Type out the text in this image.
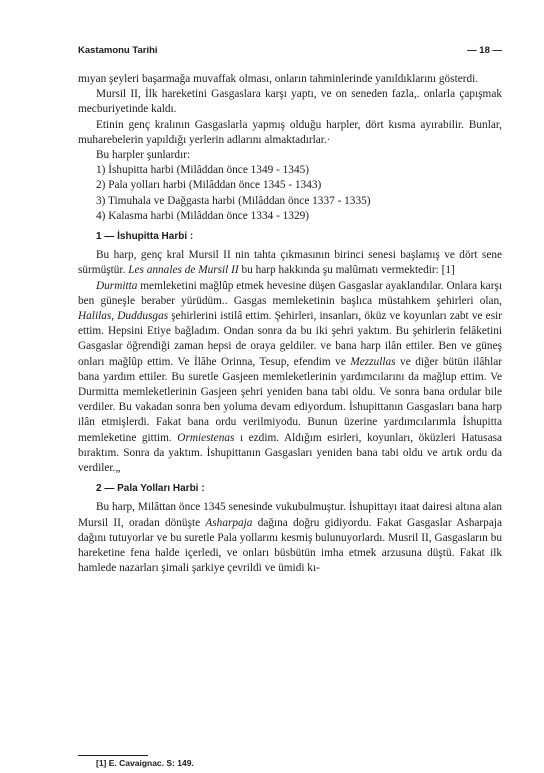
Kastamonu Tarihi	— 18 —

mıyan şeyleri başarmağa muvaffak olması, onların tahminlerinde yanıldıklarını gösterdi.

Mursil II, İlk hareketini Gasgaslara karşı yaptı, ve on seneden fazla,. onlarla çapışmak mecburiyetinde kaldı.

Etinin genç kralının Gasgaslarla yapmış olduğu harpler, dört kısma ayırabilir. Bunlar, muharebelerin yapıldığı yerlerin adlarını almaktadırlar.·

Bu harpler şunlardır:

1) İshupitta harbi (Milâddan önce 1349 - 1345)

2) Pala yolları harbi (Milâddan önce 1345 - 1343)

3) Timuhala ve Dağgasta harbi (Milâddan önce 1337 - 1335)

4) Kalasma harbi (Milâddan önce 1334 - 1329)

1 — İshupitta Harbi :

Bu harp, genç kral Mursil II nin tahta çıkmasının birinci senesi başlamış ve dört sene sürmüştür. Les annales de Mursil II bu harp hakkında şu malûmatı vermektedir: [1]

Durmitta memleketini mağlûp etmek hevesine düşen Gasgaslar ayaklandılar. Onlara karşı ben güneşle beraber yürüdüm.. Gasgas memleketinin başlıca müstahkem şehirleri olan, Halilas, Duddusgas şehirlerini istilâ ettim. Şehirleri, insanları, öküz ve koyunları zabt ve esir ettim. Hepsini Etiye bağladım. Ondan sonra da bu iki şehri yaktım. Bu şehirlerin felâketini Gasgaslar öğrendiği zaman hepsi de oraya geldiler. ve bana harp ilân ettiler. Ben ve güneş onları mağlûp ettim. Ve İlâhe Orinna, Tesup, efendim ve Mezzullas ve diğer bütün ilâhlar bana yardım ettiler. Bu suretle Gasjeen memleketlerinin yardımcılarını da mağlup ettim. Ve Durmitta memleketlerinin Gasjeen şehri yeniden bana tabi oldu. Ve sonra bana ordular bile verdiler. Bu vakadan sonra ben yoluma devam ediyordum. İshupittanın Gasgasları bana harp ilân etmişlerdi. Fakat bana ordu verilmiyodu. Bunun üzerine yardımcılarımla İshupitta memleketine gittim. Ormiestenas ı ezdim. Aldığım esirleri, koyunları, öküzleri Hatusasa bıraktım. Sonra da yaktım. İshupittanın Gasgasları yeniden bana tabi oldu ve artık ordu da verdiler.„

2 — Pala Yolları Harbi :

Bu harp, Milâttan önce 1345 senesinde vukubulmuştur. İshupittayı itaat dairesi altına alan Mursil II, oradan dönüşte Asharpaja dağına doğru gidiyordu. Fakat Gasgaslar Asharpaja dağını tutuyorlar ve bu suretle Pala yollarını kesmiş bulunuyorlardı. Musril II, Gasgasların bu hareketine fena halde içerledi, ve onları büsbütün imha etmek arzusuna düştü. Fakat ilk hamlede nazarları şimali şarkiye çevrildi ve ümidi kı-

[1] E. Cavaignac. S: 149.
